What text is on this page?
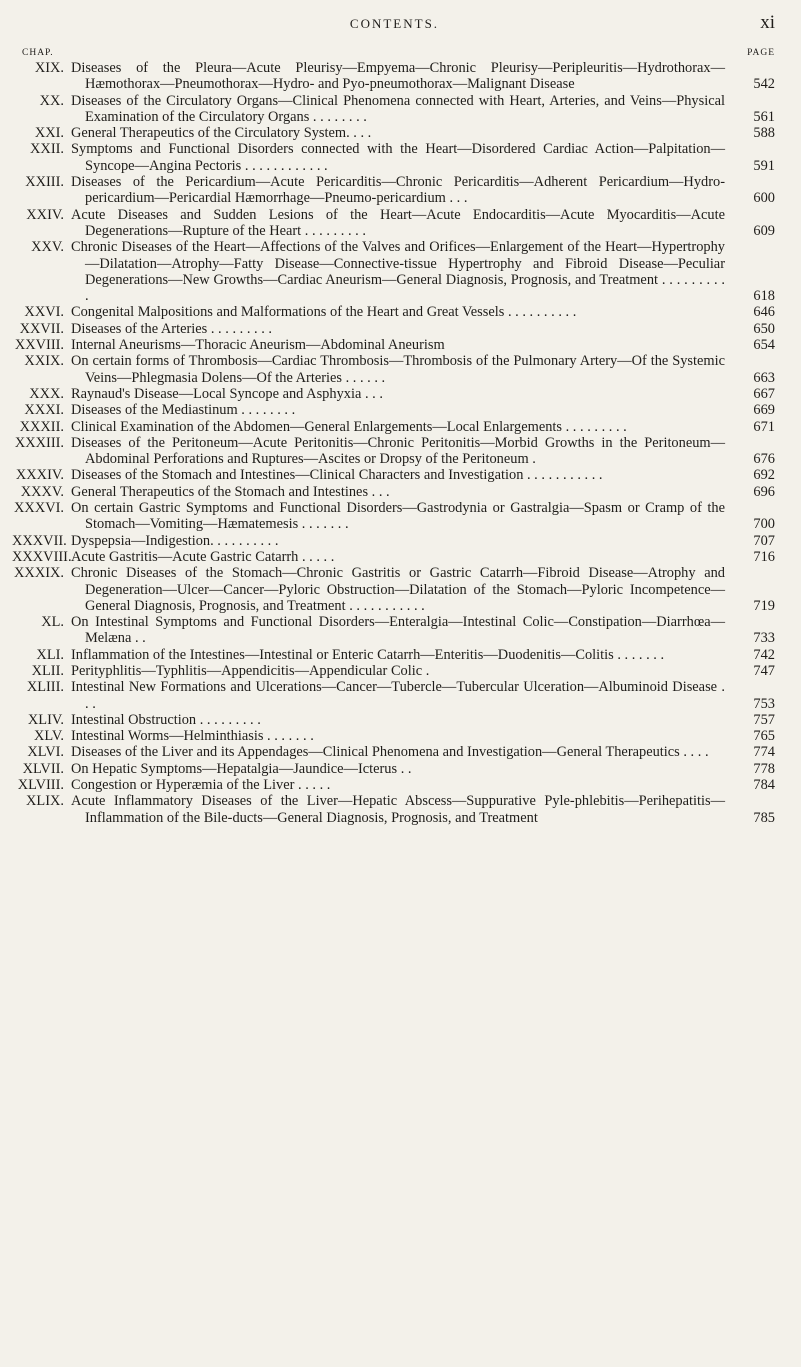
CONTENTS.	xi
CHAP.	PAGE
XIX. Diseases of the Pleura—Acute Pleurisy—Empyema—Chronic Pleurisy—Peripleuritis—Hydrothorax—Hæmothorax—Pneumothorax—Hydro- and Pyo-pneumothorax—Malignant Disease	542
XX. Diseases of the Circulatory Organs—Clinical Phenomena connected with Heart, Arteries, and Veins—Physical Examination of the Circulatory Organs . . . . . . . .	561
XXI. General Therapeutics of the Circulatory System. . . .	588
XXII. Symptoms and Functional Disorders connected with the Heart—Disordered Cardiac Action—Palpitation—Syncope—Angina Pectoris . . . . . . . . . . . .	591
XXIII. Diseases of the Pericardium—Acute Pericarditis—Chronic Pericarditis—Adherent Pericardium—Hydro-pericardium—Pericardial Hæmorrhage—Pneumo-pericardium . . .	600
XXIV. Acute Diseases and Sudden Lesions of the Heart—Acute Endocarditis—Acute Myocarditis—Acute Degenerations—Rupture of the Heart . . . . . . . . .	609
XXV. Chronic Diseases of the Heart—Affections of the Valves and Orifices—Enlargement of the Heart—Hypertrophy—Dilatation—Atrophy—Fatty Disease—Connective-tissue Hypertrophy and Fibroid Disease—Peculiar Degenerations—New Growths—Cardiac Aneurism—General Diagnosis, Prognosis, and Treatment . . . . . . . . . .	618
XXVI. Congenital Malpositions and Malformations of the Heart and Great Vessels . . . . . . . . . .	646
XXVII. Diseases of the Arteries . . . . . . . . .	650
XXVIII. Internal Aneurisms—Thoracic Aneurism—Abdominal Aneurism	654
XXIX. On certain forms of Thrombosis—Cardiac Thrombosis—Thrombosis of the Pulmonary Artery—Of the Systemic Veins—Phlegmasia Dolens—Of the Arteries . . . . . .	663
XXX. Raynaud's Disease—Local Syncope and Asphyxia . . .	667
XXXI. Diseases of the Mediastinum . . . . . . . .	669
XXXII. Clinical Examination of the Abdomen—General Enlargements—Local Enlargements . . . . . . . . .	671
XXXIII. Diseases of the Peritoneum—Acute Peritonitis—Chronic Peritonitis—Morbid Growths in the Peritoneum—Abdominal Perforations and Ruptures—Ascites or Dropsy of the Peritoneum .	676
XXXIV. Diseases of the Stomach and Intestines—Clinical Characters and Investigation . . . . . . . . . . .	692
XXXV. General Therapeutics of the Stomach and Intestines . . .	696
XXXVI. On certain Gastric Symptoms and Functional Disorders—Gastrodynia or Gastralgia—Spasm or Cramp of the Stomach—Vomiting—Hæmatemesis . . . . . . .	700
XXXVII. Dyspepsia—Indigestion. . . . . . . . . .	707
XXXVIII. Acute Gastritis—Acute Gastric Catarrh . . . . .	716
XXXIX. Chronic Diseases of the Stomach—Chronic Gastritis or Gastric Catarrh—Fibroid Disease—Atrophy and Degeneration—Ulcer—Cancer—Pyloric Obstruction—Dilatation of the Stomach—Pyloric Incompetence—General Diagnosis, Prognosis, and Treatment . . . . . . . . . . .	719
XL. On Intestinal Symptoms and Functional Disorders—Enteralgia—Intestinal Colic—Constipation—Diarrhœa—Melæna . .	733
XLI. Inflammation of the Intestines—Intestinal or Enteric Catarrh—Enteritis—Duodenitis—Colitis . . . . . . .	742
XLII. Perityphlitis—Typhlitis—Appendicitis—Appendicular Colic .	747
XLIII. Intestinal New Formations and Ulcerations—Cancer—Tubercle—Tubercular Ulceration—Albuminoid Disease . . .	753
XLIV. Intestinal Obstruction . . . . . . . . .	757
XLV. Intestinal Worms—Helminthiasis . . . . . . .	765
XLVI. Diseases of the Liver and its Appendages—Clinical Phenomena and Investigation—General Therapeutics . . . .	774
XLVII. On Hepatic Symptoms—Hepatalgia—Jaundice—Icterus . .	778
XLVIII. Congestion or Hyperæmia of the Liver . . . . .	784
XLIX. Acute Inflammatory Diseases of the Liver—Hepatic Abscess—Suppurative Pyle-phlebitis—Perihepatitis—Inflammation of the Bile-ducts—General Diagnosis, Prognosis, and Treatment	785
